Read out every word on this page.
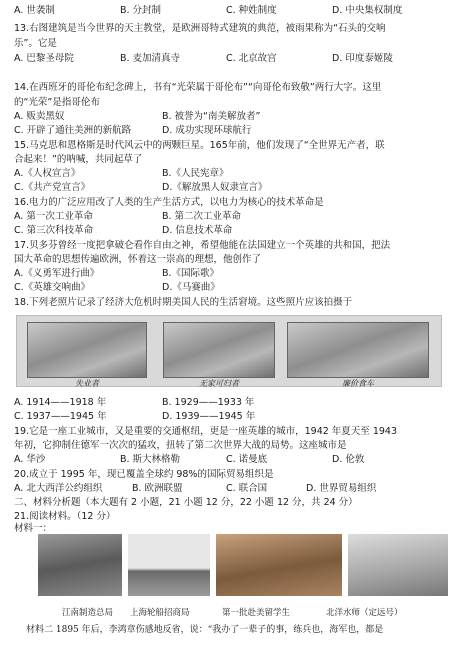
A. 世袭制	B. 分封制	C. 种姓制度	D. 中央集权制度
13.右图建筑是当今世界的天主教堂，是欧洲哥特式建筑的典范，被雨果称为“石头的交响
乐”。它是
A. 巴黎圣母院	B. 麦加清真寺	C. 北京故宫	D. 印度泰姬陵
14.在西班牙的哥伦布纪念碑上，书有“光荣属于哥伦布”“向哥伦布致敬”两行大字。这里
的“光荣”是指哥伦布
A. 贩卖黑奴	B. 被誉为“南美解放者”
C. 开辟了通往美洲的新航路	D. 成功实现环球航行
15.马克思和恩格斯是时代风云中的两颗巨星。165年前，他们发现了“全世界无产者，联
合起来！”的呐喊，共同起草了
A.《人权宣言》	B.《人民宪章》
C.《共产党宣言》	D.《解放黑人奴隶宣言》
16.电力的广泛应用改了人类的生产生活方式，以电力为核心的技术革命是
A. 第一次工业革命	B. 第二次工业革命
C. 第三次科技革命	D. 信息技术革命
17.贝多芬曾经一度把拿破仑看作自由之神，希望他能在法国建立一个英雄的共和国，把法
国大革命的思想传遍欧洲，怀着这一崇高的理想，他创作了
A.《义勇军进行曲》	B.《国际歌》
C.《英雄交响曲》	D.《马赛曲》
18.下列老照片记录了经济大危机时期美国人民的生活窘境。这些照片应该拍摄于
失业者	无家可归者	廉价食车
A. 1914——1918 年	B. 1929——1933 年
C. 1937——1945 年	D. 1939——1945 年
19.它是一座工业城市，又是重要的交通枢纽，更是一座英雄的城市，1942 年夏天至 1943
年初，它抑制住德军一次次的猛攻，扭转了第二次世界大战的局势。这座城市是
A. 华沙	B. 斯大林格勒	C. 诺曼底	D. 伦敦
20.成立于 1995 年，现已覆盖全球约 98%的国际贸易组织是
A. 北大西洋公约组织	B. 欧洲联盟	C. 联合国	D. 世界贸易组织
二、材料分析题（本大题有 2 小题，21 小题 12 分，22 小题 12 分，共 24 分）
21.阅读材料。（12 分）
材料一：
江南制造总局 上海轮船招商局	第一批赴美留学生	北洋水师（定远号）
材料二 1895 年后，李鸿章伤感地反省，说：“我办了一辈子的事，练兵也，海军也，都是
